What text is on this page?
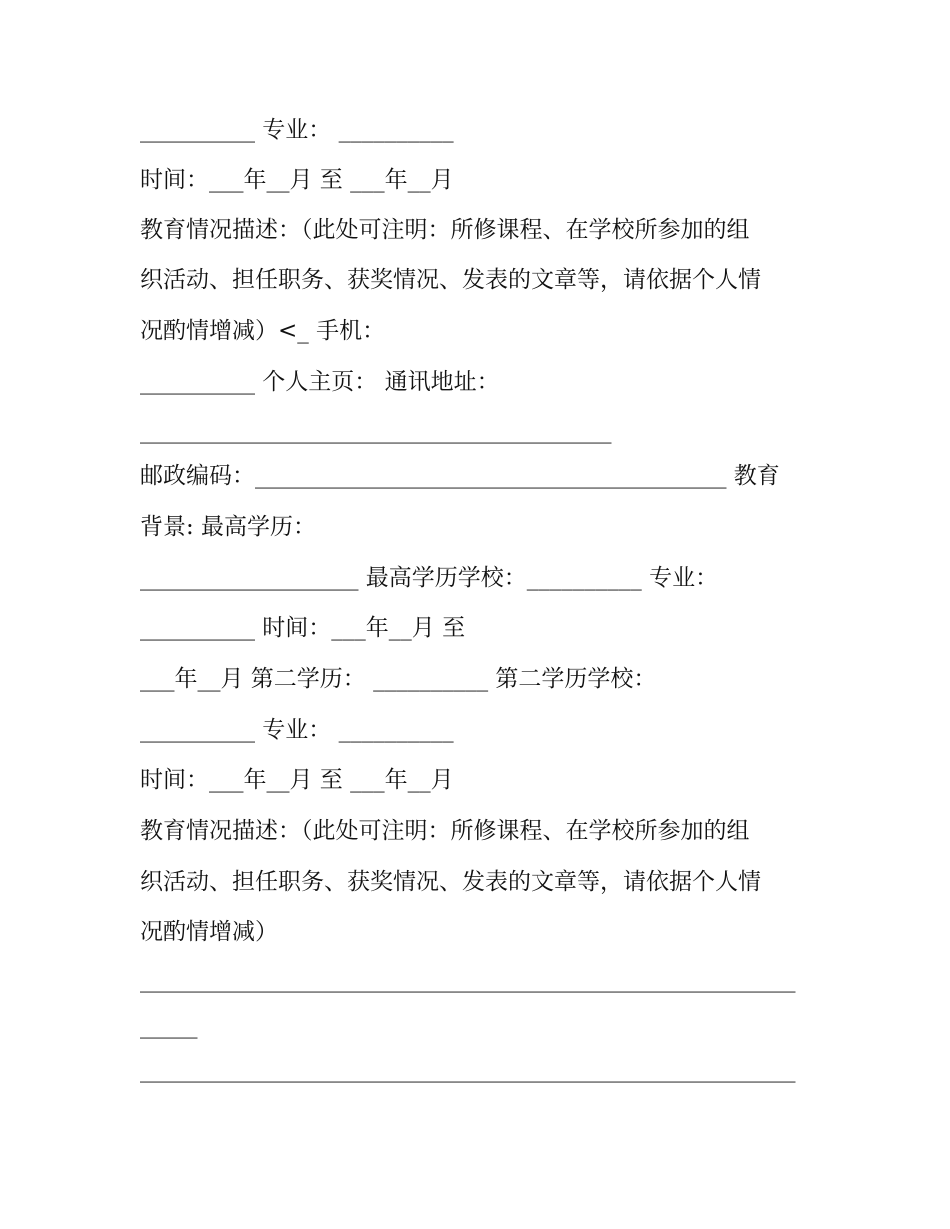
__________ 专业： __________
时间：___年__月 至 ___年__月
教育情况描述：（此处可注明：所修课程、在学校所参加的组
织活动、担任职务、获奖情况、发表的文章等，请依据个人情
况酌情增减）<_ 手机：
__________ 个人主页： 通讯地址：
_________________________________________
邮政编码：_________________________________________ 教育
背景: 最高学历：
___________________ 最高学历学校：__________ 专业：
__________ 时间：___年__月 至
___年__月 第二学历： __________ 第二学历学校：
__________ 专业： __________
时间：___年__月 至 ___年__月
教育情况描述：（此处可注明：所修课程、在学校所参加的组
织活动、担任职务、获奖情况、发表的文章等，请依据个人情
况酌情增减）
_________________________________________________________
_____
_________________________________________________________
